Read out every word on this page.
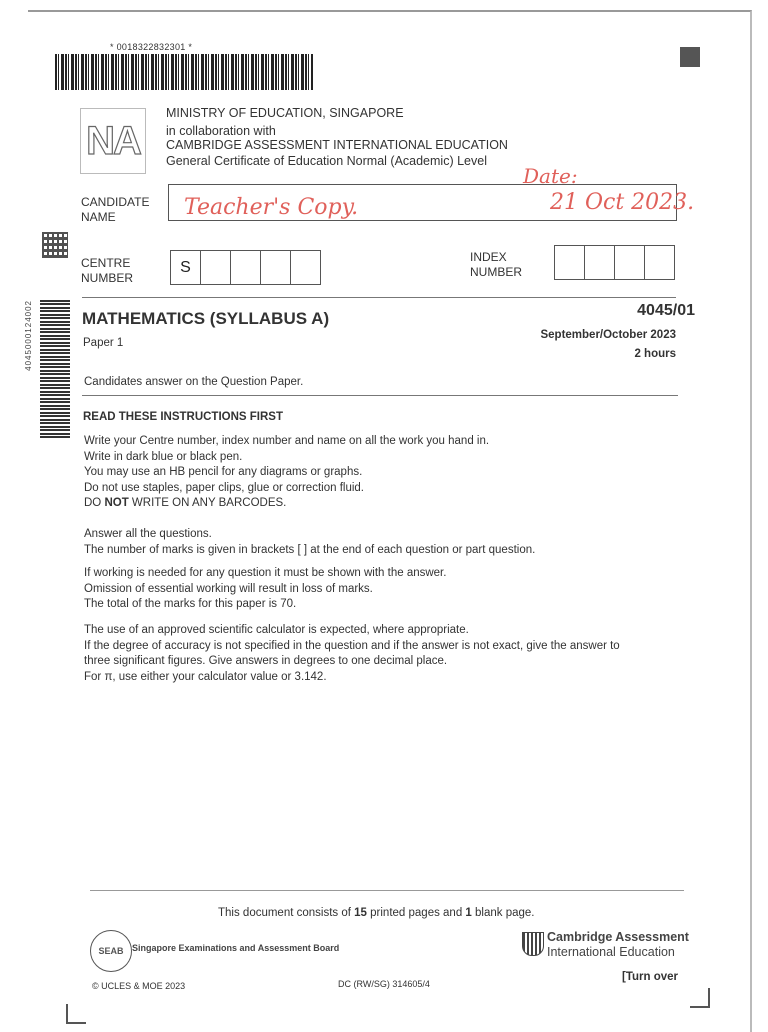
* 0018322832301 *
NA
MINISTRY OF EDUCATION, SINGAPORE
in collaboration with
CAMBRIDGE ASSESSMENT INTERNATIONAL EDUCATION
General Certificate of Education Normal (Academic) Level
Date:
CANDIDATE
NAME	Teacher's Copy.	21 Oct 2023.
CENTRE
NUMBER
S
INDEX
NUMBER
4045000124002	MATHEMATICS (SYLLABUS A)	4045/01
Paper 1
September/October 2023
2 hours
Candidates answer on the Question Paper.
READ THESE INSTRUCTIONS FIRST
Write your Centre number, index number and name on all the work you hand in.
Write in dark blue or black pen.
You may use an HB pencil for any diagrams or graphs.
Do not use staples, paper clips, glue or correction fluid.
DO NOT WRITE ON ANY BARCODES.
Answer all the questions.
The number of marks is given in brackets [ ] at the end of each question or part question.
If working is needed for any question it must be shown with the answer.
Omission of essential working will result in loss of marks.
The total of the marks for this paper is 70.
The use of an approved scientific calculator is expected, where appropriate.
If the degree of accuracy is not specified in the question and if the answer is not exact, give the answer to
three significant figures. Give answers in degrees to one decimal place.
For π, use either your calculator value or 3.142.
This document consists of 15 printed pages and 1 blank page.
SEAB Singapore Examinations and Assessment Board
Cambridge Assessment
International Education
© UCLES & MOE 2023	DC (RW/SG) 314605/4
[Turn over
